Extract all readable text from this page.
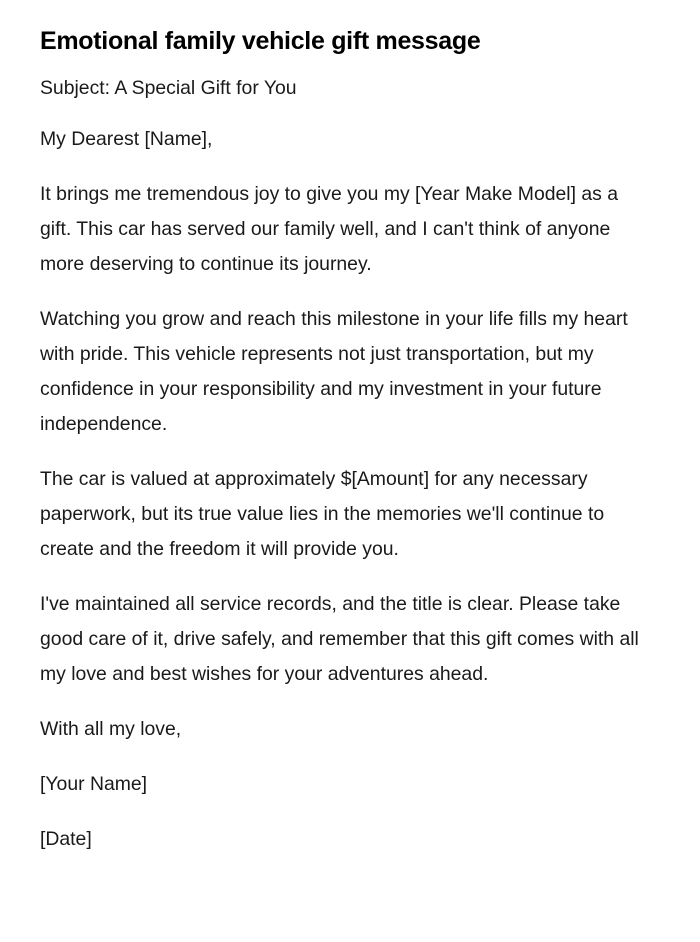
Emotional family vehicle gift message

Subject: A Special Gift for You

My Dearest [Name],

It brings me tremendous joy to give you my [Year Make Model] as a gift. This car has served our family well, and I can't think of anyone more deserving to continue its journey.

Watching you grow and reach this milestone in your life fills my heart with pride. This vehicle represents not just transportation, but my confidence in your responsibility and my investment in your future independence.

The car is valued at approximately $[Amount] for any necessary paperwork, but its true value lies in the memories we'll continue to create and the freedom it will provide you.

I've maintained all service records, and the title is clear. Please take good care of it, drive safely, and remember that this gift comes with all my love and best wishes for your adventures ahead.

With all my love,

[Your Name]

[Date]
